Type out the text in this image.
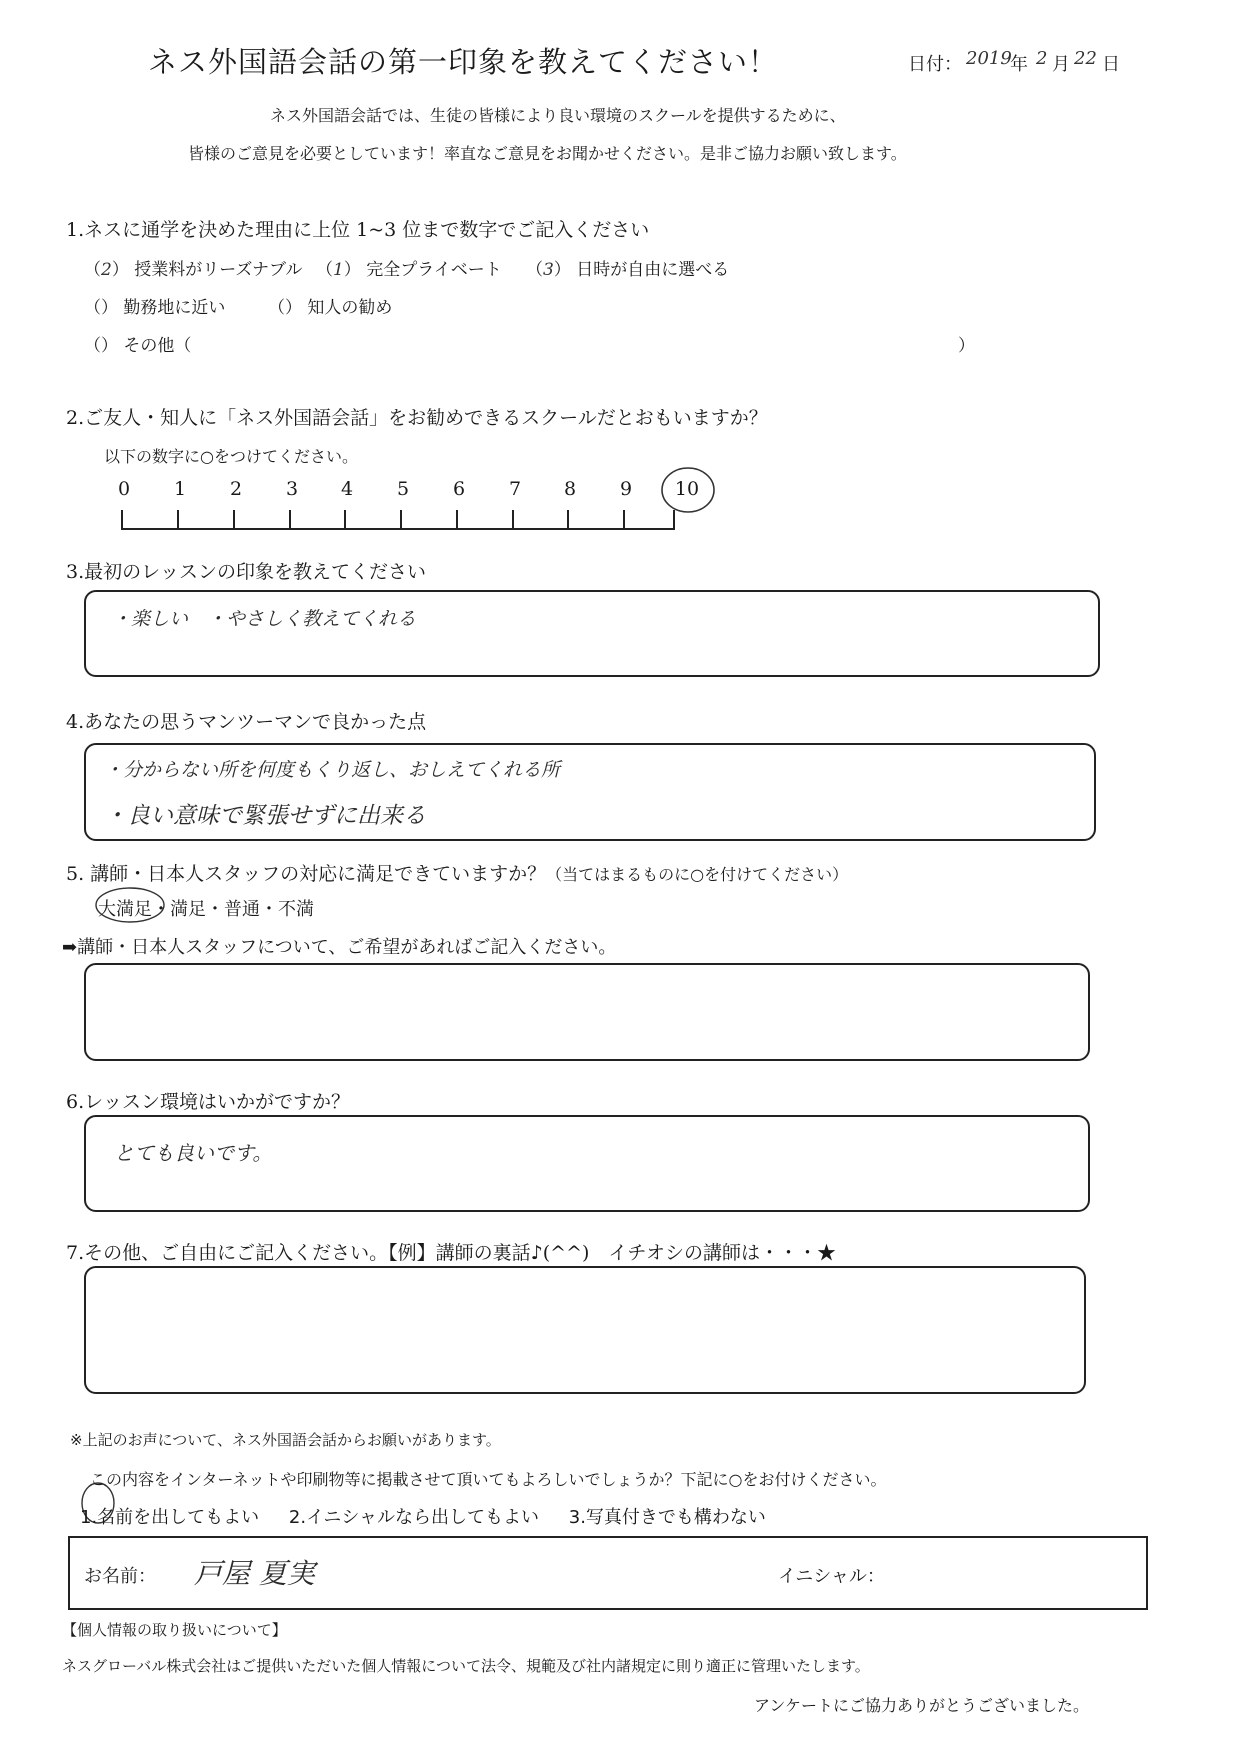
ネス外国語会話の第一印象を教えてください！	日付： 2019
年 2 月 22 日
ネス外国語会話では、生徒の皆様により良い環境のスクールを提供するために、
皆様のご意見を必要としています！率直なご意見をお聞かせください。是非ご協力お願い致します。
1.ネスに通学を決めた理由に上位 1~3 位まで数字でご記入ください
（2） 授業料がリーズナブル （1） 完全プライベート （3） 日時が自由に選べる
（） 勤務地に近い	（） 知人の勧め
（） その他（	）
2.ご友人・知人に「ネス外国語会話」をお勧めできるスクールだとおもいますか？
以下の数字に○をつけてください。
0	1	2	3	4	5	6	7	8	9	10
3.最初のレッスンの印象を教えてください
・楽しい　・やさしく教えてくれる
4.あなたの思うマンツーマンで良かった点
・分からない所を何度もくり返し、おしえてくれる所
・良い意味で緊張せずに出来る
5. 講師・日本人スタッフの対応に満足できていますか？（当てはまるものに○を付けてください）
大満足・満足・普通・不満
➡講師・日本人スタッフについて、ご希望があればご記入ください。
6.レッスン環境はいかがですか？
とても良いです。
7.その他、ご自由にご記入ください。【例】講師の裏話♪(^^)　イチオシの講師は・・・★
※上記のお声について、ネス外国語会話からお願いがあります。
この内容をインターネットや印刷物等に掲載させて頂いてもよろしいでしょうか？下記に○をお付けください。
1.名前を出してもよい 2.イニシャルなら出してもよい 3.写真付きでも構わない
お名前： 戸屋 夏実	イニシャル：
【個人情報の取り扱いについて】
ネスグローバル株式会社はご提供いただいた個人情報について法令、規範及び社内諸規定に則り適正に管理いたします。
アンケートにご協力ありがとうございました。
